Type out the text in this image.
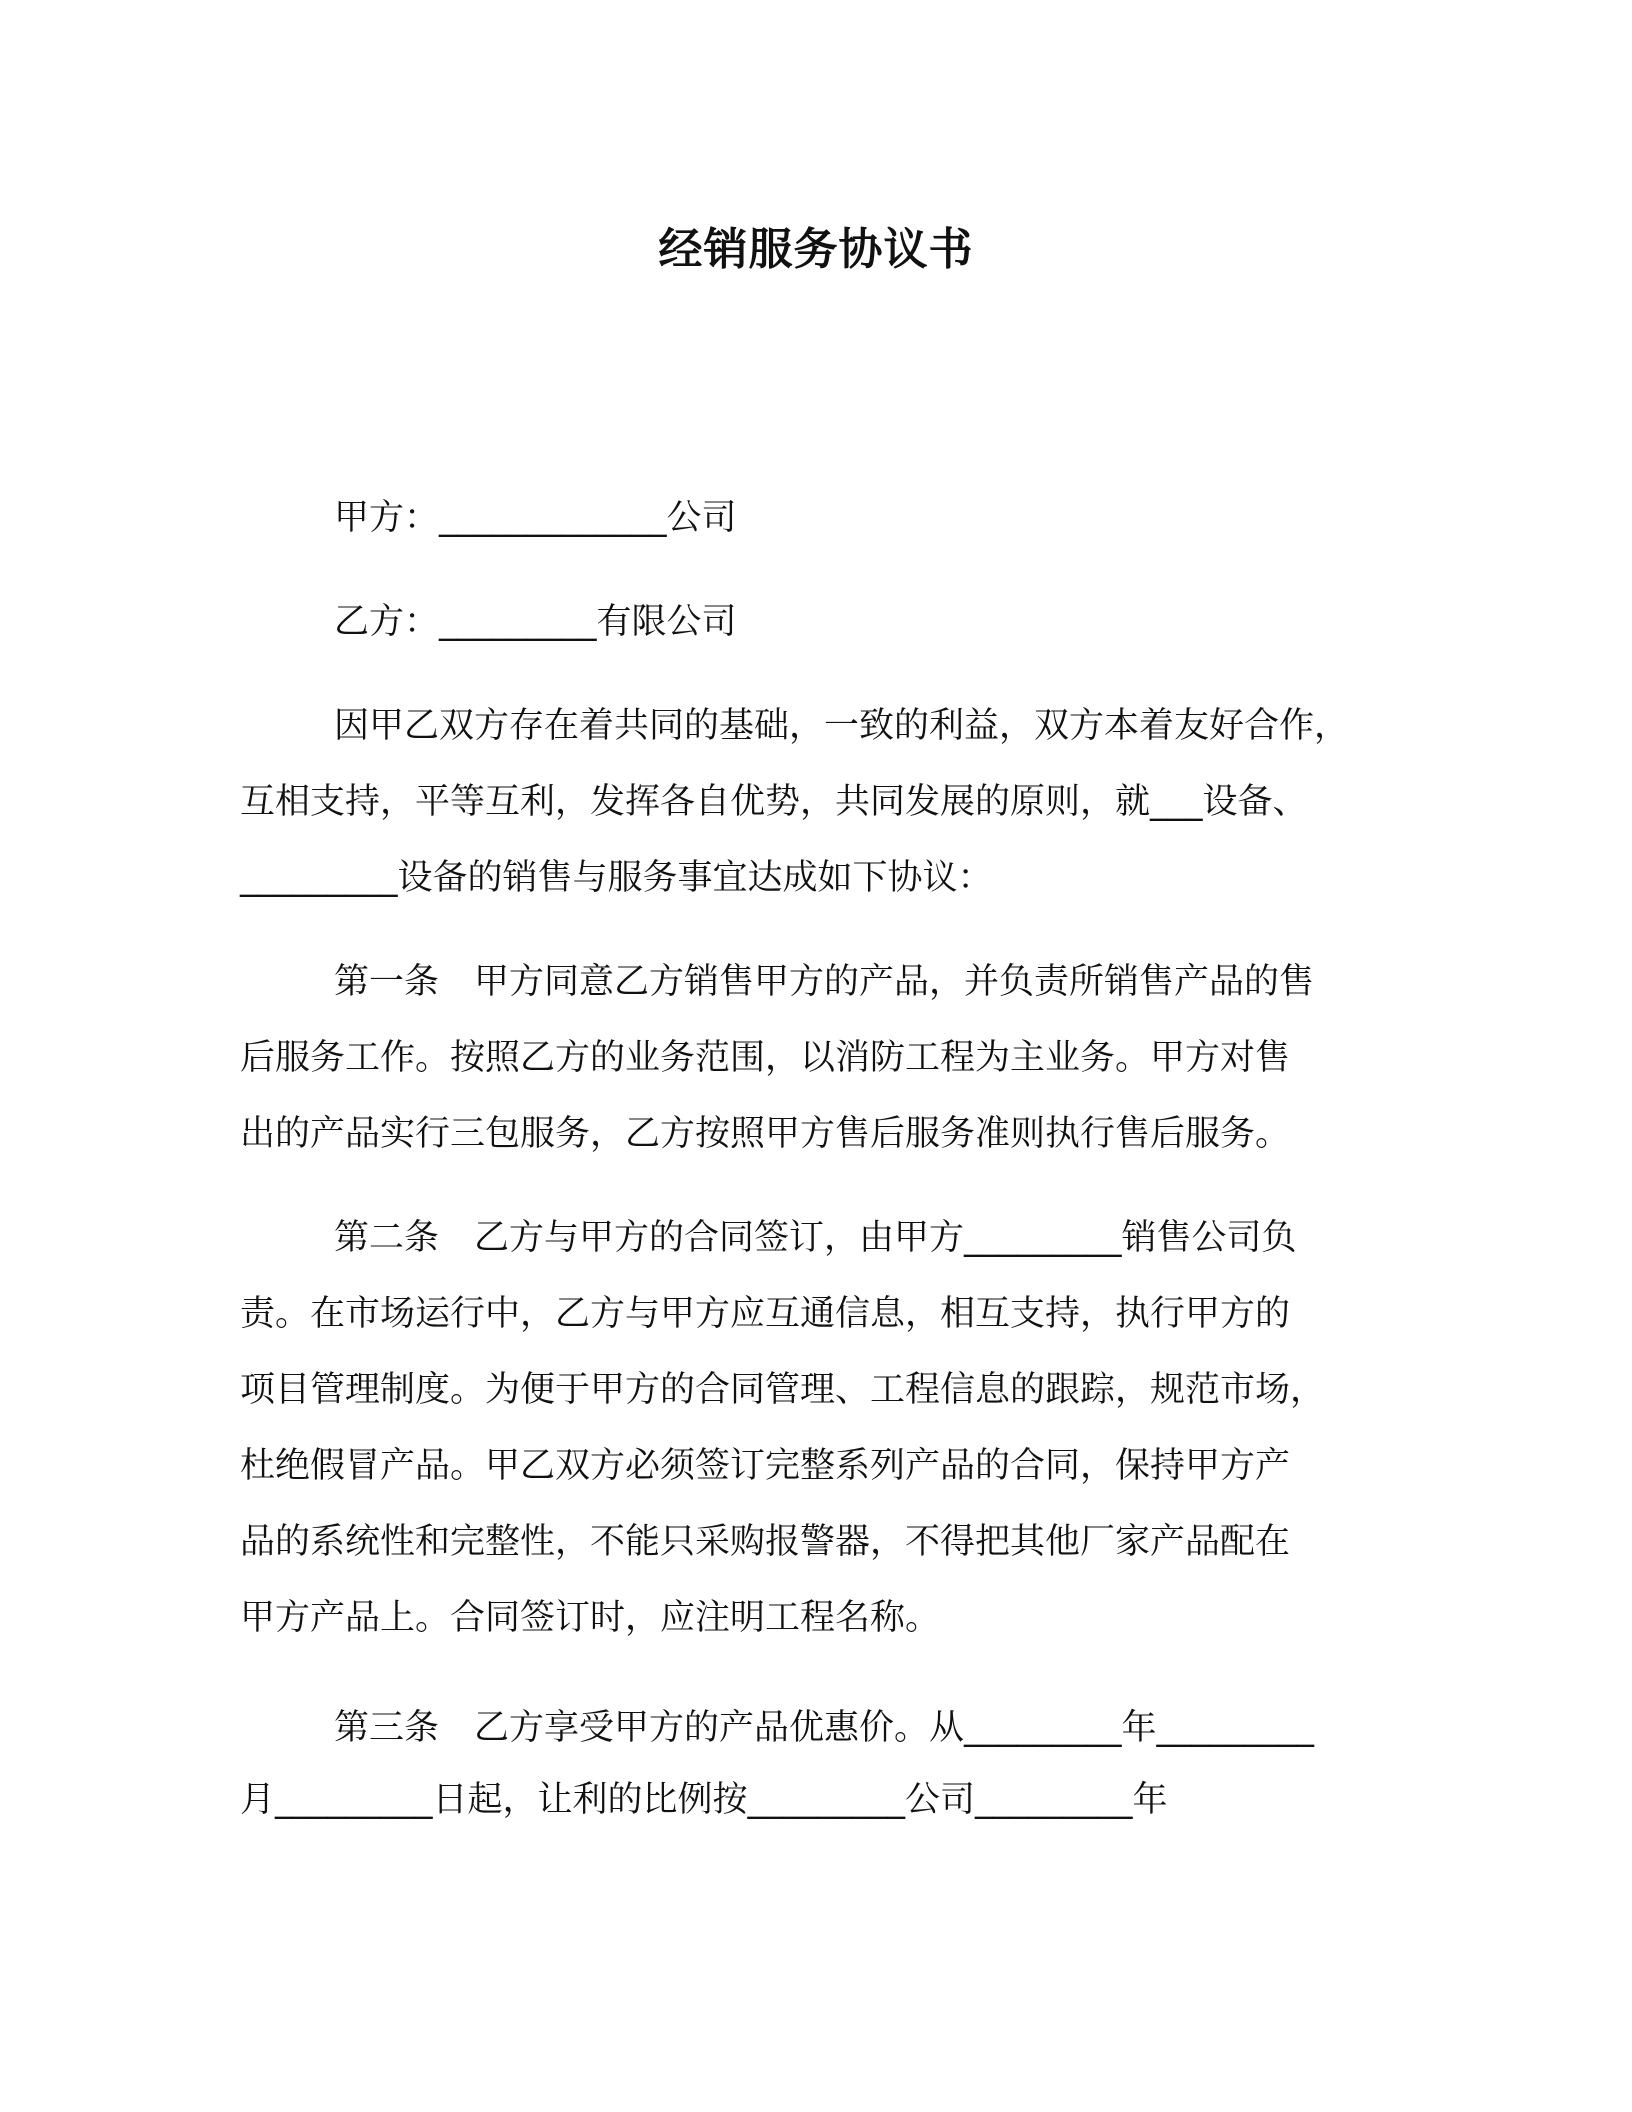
经销服务协议书

甲方：_____________公司

乙方：_________有限公司

因甲乙双方存在着共同的基础，一致的利益，双方本着友好合作，

互相支持，平等互利，发挥各自优势，共同发展的原则，就___设备、

_________设备的销售与服务事宜达成如下协议：

第一条　甲方同意乙方销售甲方的产品，并负责所销售产品的售

后服务工作。按照乙方的业务范围，以消防工程为主业务。甲方对售

出的产品实行三包服务，乙方按照甲方售后服务准则执行售后服务。

第二条　乙方与甲方的合同签订，由甲方_________销售公司负

责。在市场运行中，乙方与甲方应互通信息，相互支持，执行甲方的

项目管理制度。为便于甲方的合同管理、工程信息的跟踪，规范市场，

杜绝假冒产品。甲乙双方必须签订完整系列产品的合同，保持甲方产

品的系统性和完整性，不能只采购报警器，不得把其他厂家产品配在

甲方产品上。合同签订时，应注明工程名称。

第三条　乙方享受甲方的产品优惠价。从_________年_________

月_________日起，让利的比例按_________公司_________年
